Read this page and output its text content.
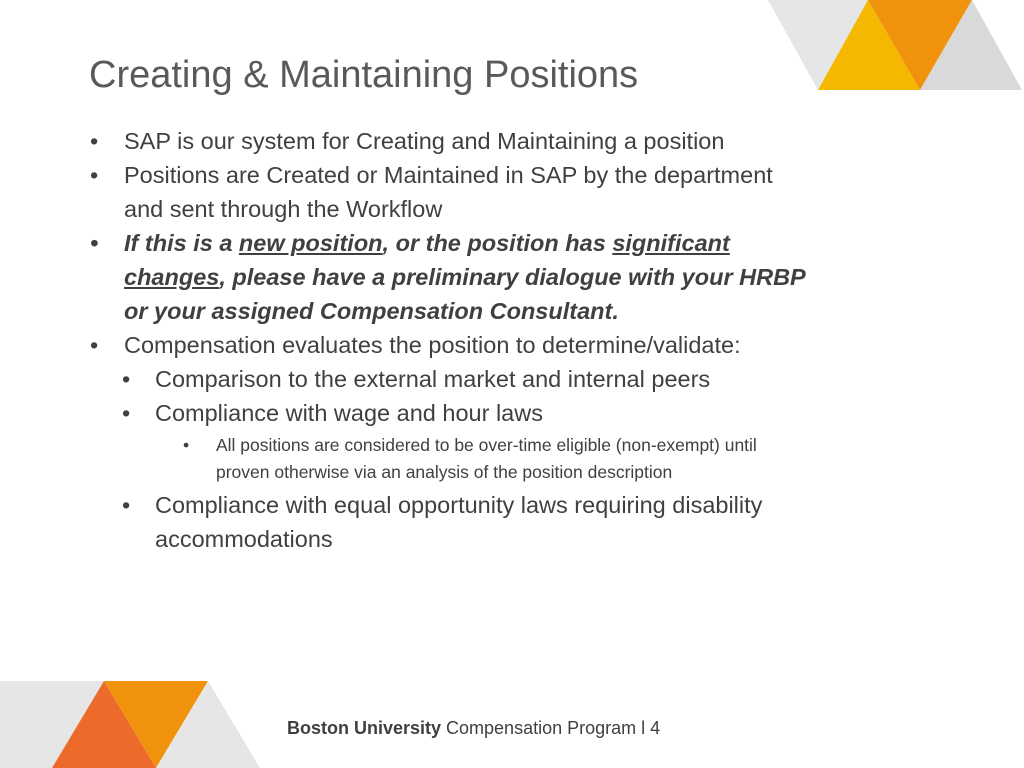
Creating & Maintaining Positions
• SAP is our system for Creating and Maintaining a position
• Positions are Created or Maintained in SAP by the department and sent through the Workflow
• If this is a new position, or the position has significant changes, please have a preliminary dialogue with your HRBP or your assigned Compensation Consultant.
• Compensation evaluates the position to determine/validate:
• Comparison to the external market and internal peers
• Compliance with wage and hour laws
• All positions are considered to be over-time eligible (non-exempt) until proven otherwise via an analysis of the position description
• Compliance with equal opportunity laws requiring disability accommodations
Boston University Compensation Program l 4
